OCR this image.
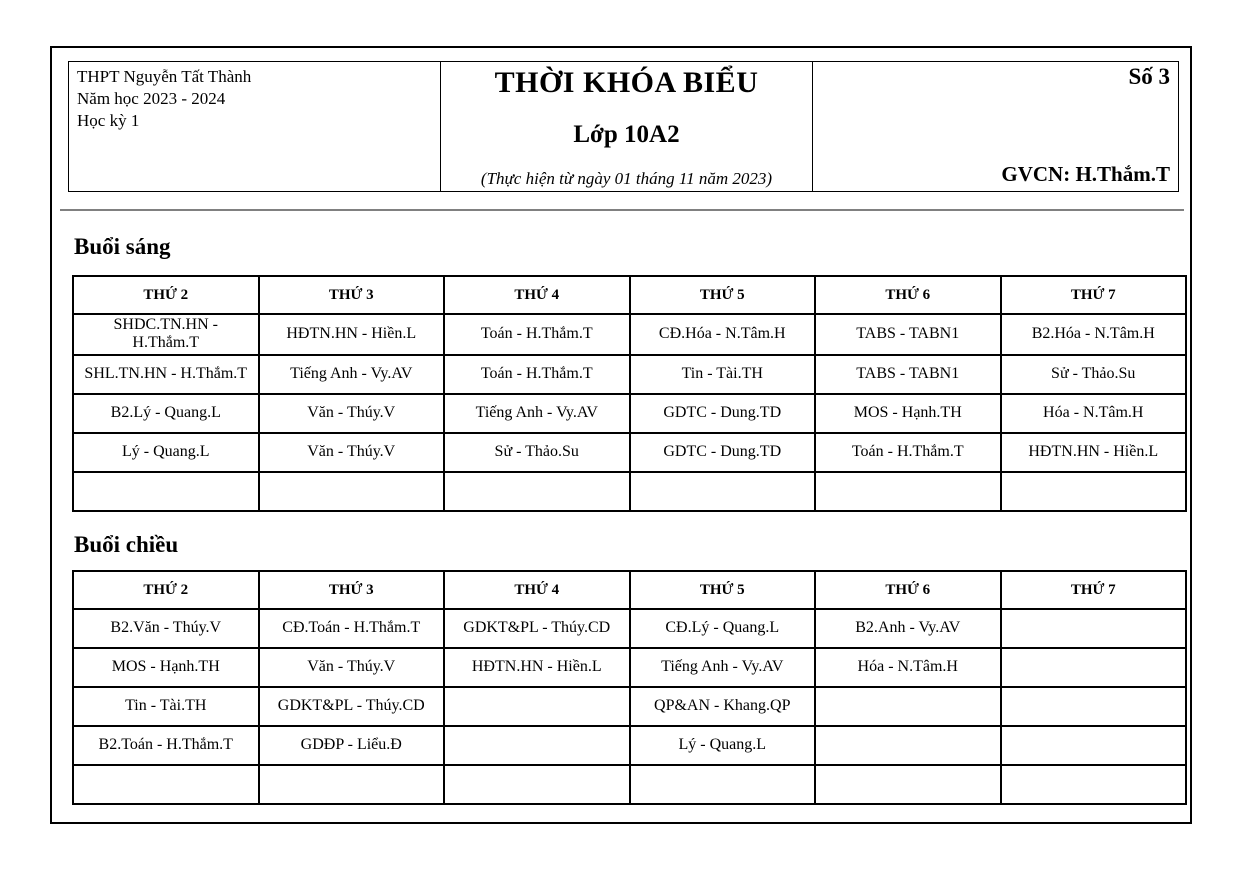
THPT Nguyễn Tất Thành
Năm học 2023 - 2024
Học kỳ 1
THỜI KHÓA BIỂU
Lớp 10A2
(Thực hiện từ ngày 01 tháng 11 năm 2023)
Số 3
GVCN: H.Thắm.T
Buổi sáng
THỨ 2	THỨ 3	THỨ 4	THỨ 5	THỨ 6	THỨ 7
SHDC.TN.HN - H.Thắm.T	HĐTN.HN - Hiền.L	Toán - H.Thắm.T	CĐ.Hóa - N.Tâm.H	TABS - TABN1	B2.Hóa - N.Tâm.H
SHL.TN.HN - H.Thắm.T	Tiếng Anh - Vy.AV	Toán - H.Thắm.T	Tin - Tài.TH	TABS - TABN1	Sử - Thảo.Su
B2.Lý - Quang.L	Văn - Thúy.V	Tiếng Anh - Vy.AV	GDTC - Dung.TD	MOS - Hạnh.TH	Hóa - N.Tâm.H
Lý - Quang.L	Văn - Thúy.V	Sử - Thảo.Su	GDTC - Dung.TD	Toán - H.Thắm.T	HĐTN.HN - Hiền.L

Buổi chiều
THỨ 2	THỨ 3	THỨ 4	THỨ 5	THỨ 6	THỨ 7
B2.Văn - Thúy.V	CĐ.Toán - H.Thắm.T	GDKT&PL - Thúy.CD	CĐ.Lý - Quang.L	B2.Anh - Vy.AV	
MOS - Hạnh.TH	Văn - Thúy.V	HĐTN.HN - Hiền.L	Tiếng Anh - Vy.AV	Hóa - N.Tâm.H	
Tin - Tài.TH	GDKT&PL - Thúy.CD		QP&AN - Khang.QP		
B2.Toán - H.Thắm.T	GDĐP - Liểu.Đ		Lý - Quang.L		
